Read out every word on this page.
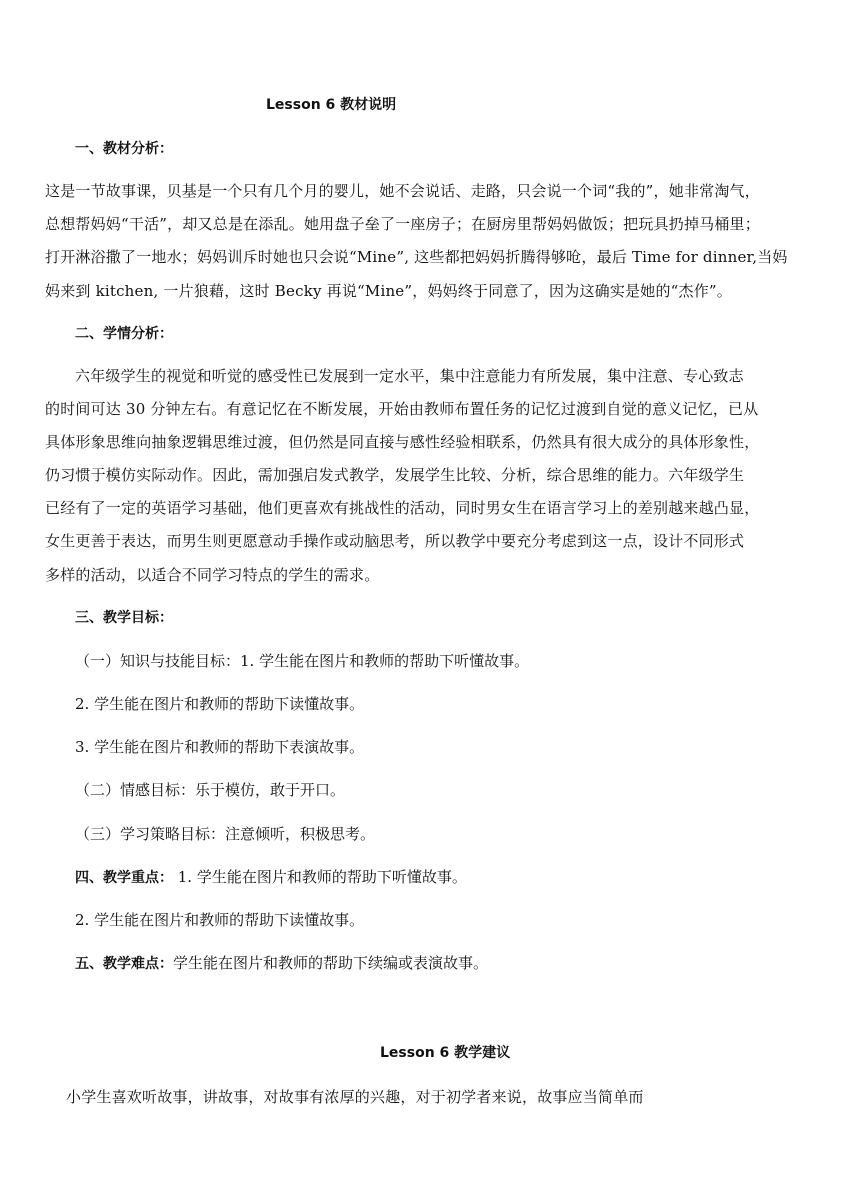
Lesson 6 教材说明
一、教材分析：
这是一节故事课，贝基是一个只有几个月的婴儿，她不会说话、走路，只会说一个词“我的”，她非常淘气，
总想帮妈妈“干活”，却又总是在添乱。她用盘子垒了一座房子；在厨房里帮妈妈做饭；把玩具扔掉马桶里；
打开淋浴撒了一地水；妈妈训斥时她也只会说“Mine”, 这些都把妈妈折腾得够呛，最后 Time for dinner,当妈
妈来到 kitchen, 一片狼藉，这时 Becky 再说“Mine”，妈妈终于同意了，因为这确实是她的“杰作”。
二、学情分析：
六年级学生的视觉和听觉的感受性已发展到一定水平，集中注意能力有所发展，集中注意、专心致志
的时间可达 30 分钟左右。有意记忆在不断发展，开始由教师布置任务的记忆过渡到自觉的意义记忆，已从
具体形象思维向抽象逻辑思维过渡，但仍然是同直接与感性经验相联系，仍然具有很大成分的具体形象性，
仍习惯于模仿实际动作。因此，需加强启发式教学，发展学生比较、分析，综合思维的能力。六年级学生
已经有了一定的英语学习基础，他们更喜欢有挑战性的活动，同时男女生在语言学习上的差别越来越凸显，
女生更善于表达，而男生则更愿意动手操作或动脑思考，所以教学中要充分考虑到这一点，设计不同形式
多样的活动，以适合不同学习特点的学生的需求。
三、教学目标：
（一）知识与技能目标：1. 学生能在图片和教师的帮助下听懂故事。
2. 学生能在图片和教师的帮助下读懂故事。
3. 学生能在图片和教师的帮助下表演故事。
（二）情感目标：乐于模仿，敢于开口。
（三）学习策略目标：注意倾听，积极思考。
四、教学重点： 1. 学生能在图片和教师的帮助下听懂故事。
2. 学生能在图片和教师的帮助下读懂故事。
五、教学难点：学生能在图片和教师的帮助下续编或表演故事。
Lesson 6 教学建议
小学生喜欢听故事，讲故事，对故事有浓厚的兴趣，对于初学者来说，故事应当简单而
